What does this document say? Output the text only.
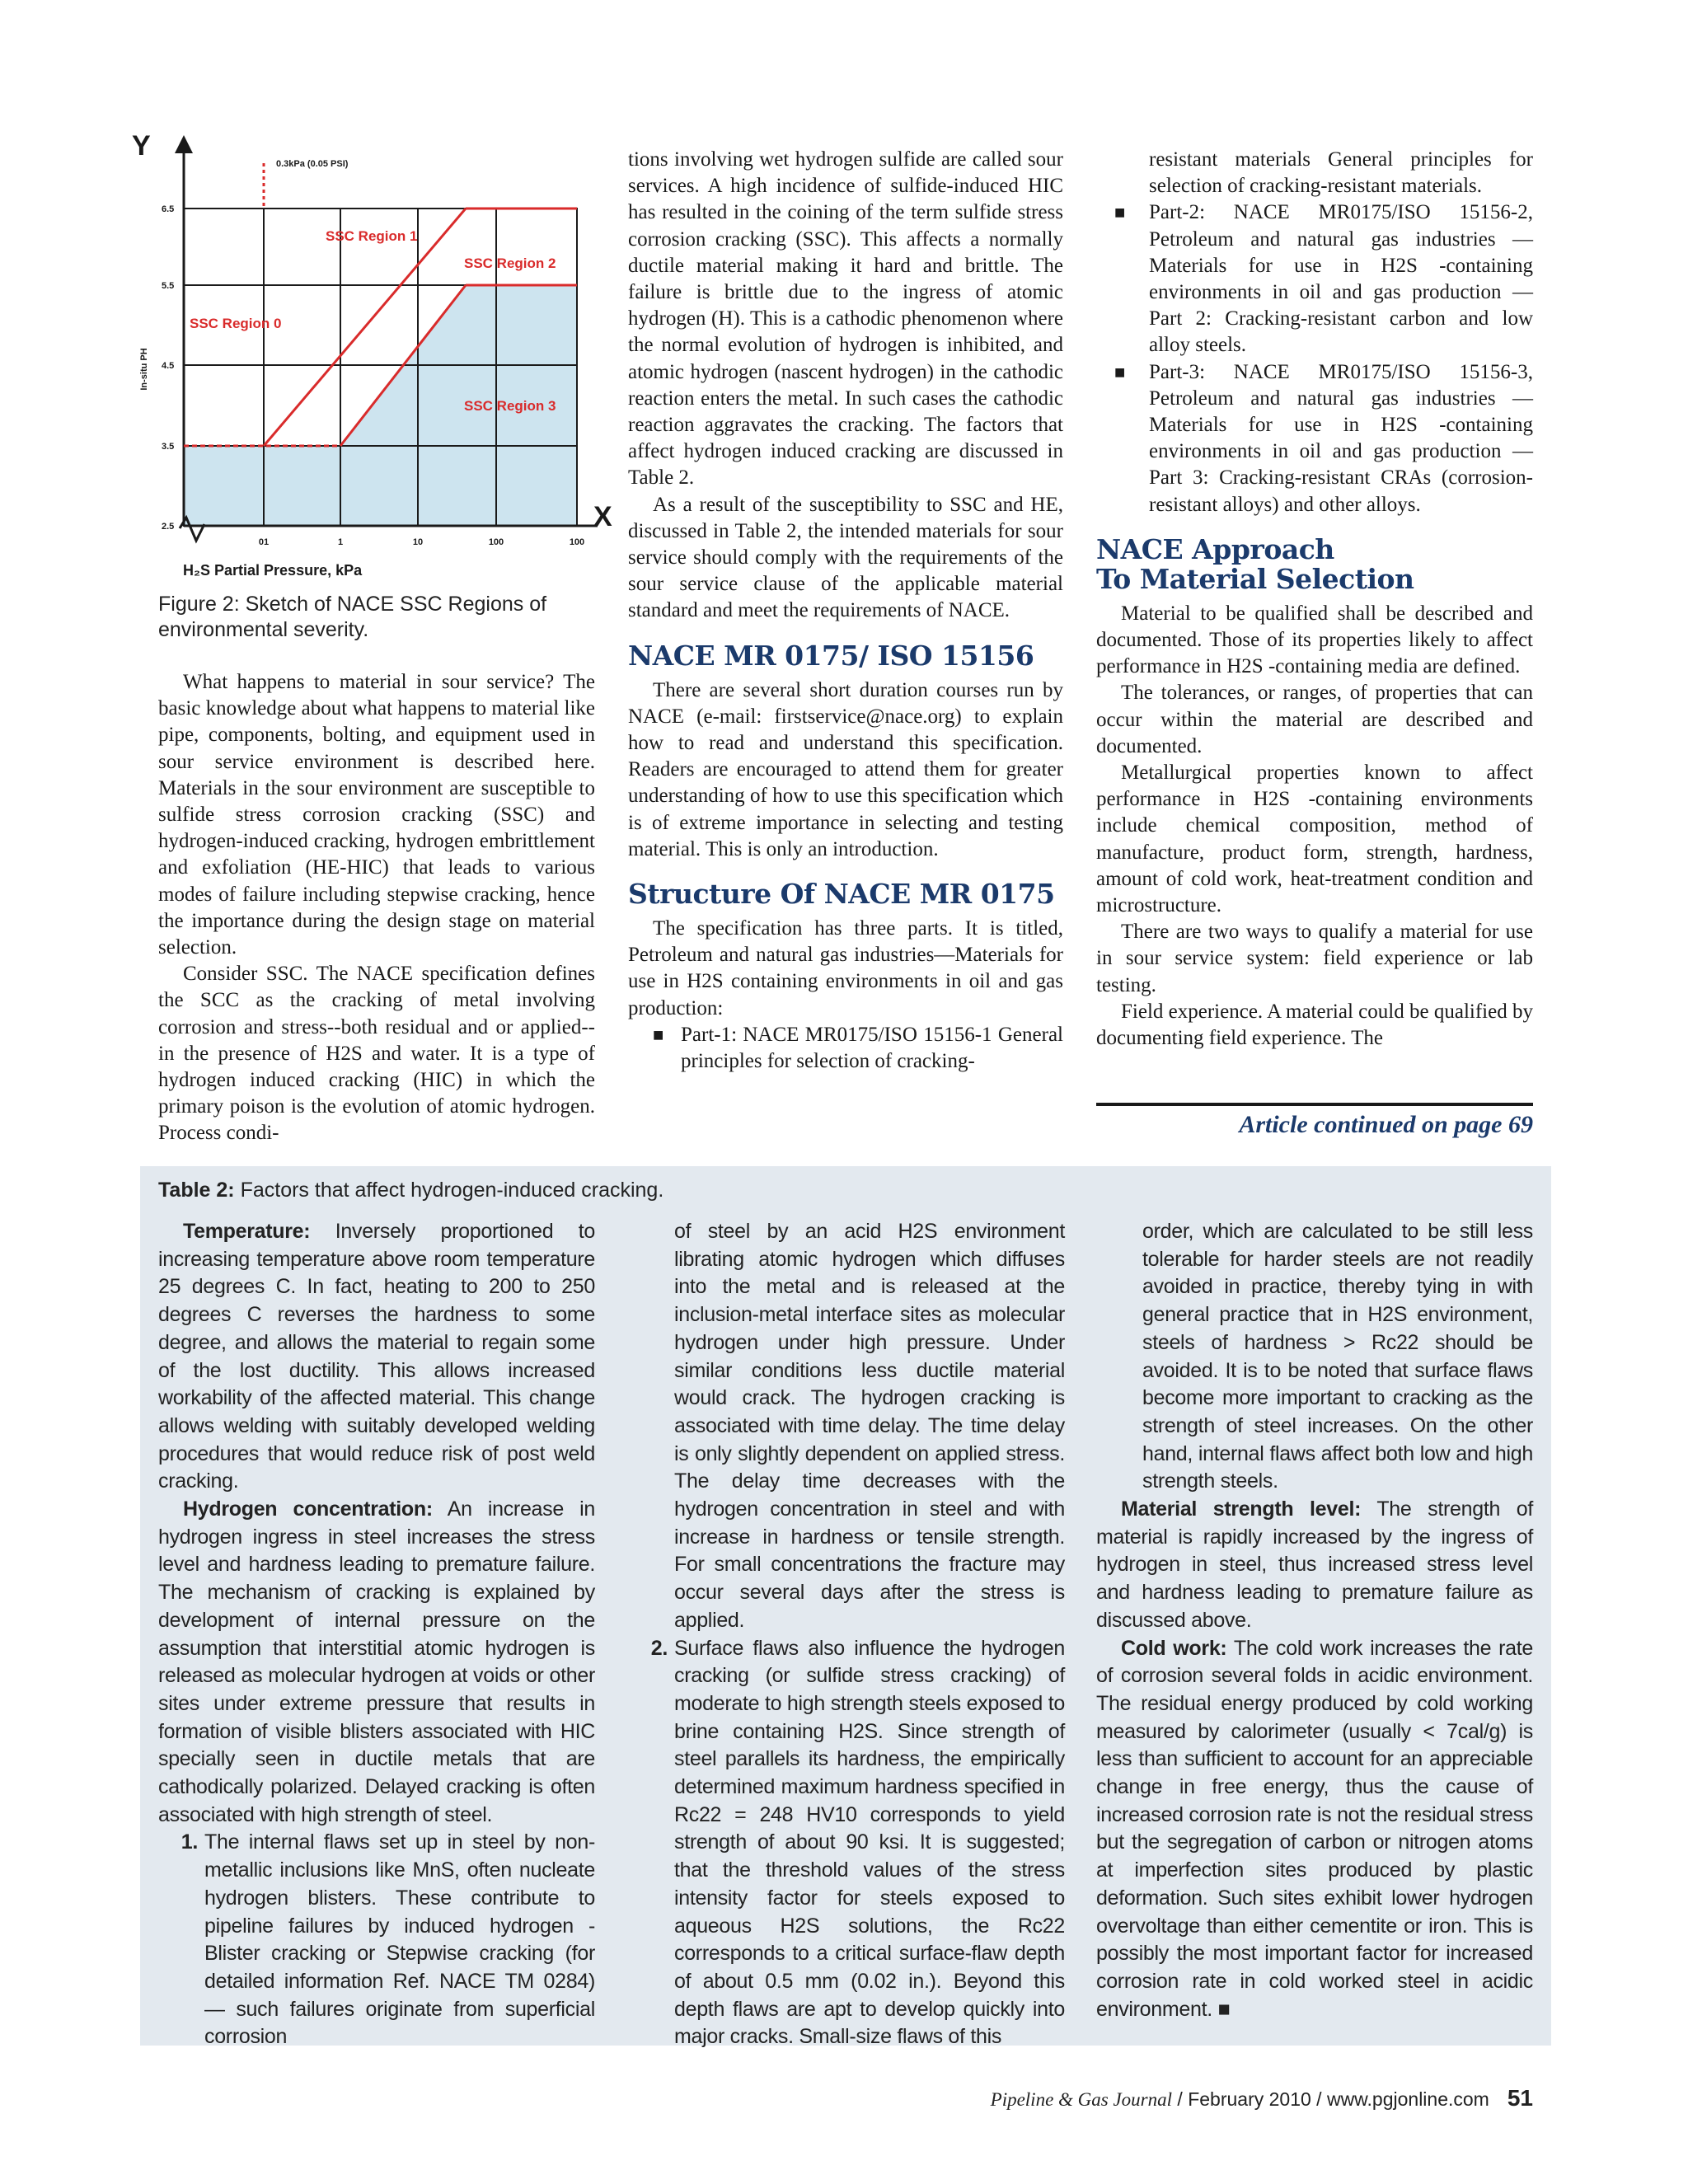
Y
X
0.3kPa (0.05 PSI)
6.5
5.5
4.5
3.5
2.5
01	1	10	100	100
In-situ PH
H₂S Partial Pressure, kPa
SSC Region 0
SSC Region 1
SSC Region 2
SSC Region 3
Figure 2: Sketch of NACE SSC Regions of environmental severity.

What happens to material in sour service? The basic knowledge about what happens to material like pipe, components, bolting, and equipment used in sour service environment is described here. Materials in the sour environment are susceptible to sulfide stress corrosion cracking (SSC) and hydrogen-induced cracking, hydrogen embrittlement and exfoliation (HE-HIC) that leads to various modes of failure including stepwise cracking, hence the importance during the design stage on material selection.

Consider SSC. The NACE specification defines the SCC as the cracking of metal involving corrosion and stress--both residual and or applied--in the presence of H2S and water. It is a type of hydrogen induced cracking (HIC) in which the primary poison is the evolution of atomic hydrogen. Process condi-

tions involving wet hydrogen sulfide are called sour services. A high incidence of sulfide-induced HIC has resulted in the coining of the term sulfide stress corrosion cracking (SSC). This affects a normally ductile material making it hard and brittle. The failure is brittle due to the ingress of atomic hydrogen (H). This is a cathodic phenomenon where the normal evolution of hydrogen is inhibited, and atomic hydrogen (nascent hydrogen) in the cathodic reaction enters the metal. In such cases the cathodic reaction aggravates the cracking. The factors that affect hydrogen induced cracking are discussed in Table 2.

As a result of the susceptibility to SSC and HE, discussed in Table 2, the intended materials for sour service should comply with the requirements of the sour service clause of the applicable material standard and meet the requirements of NACE.

NACE MR 0175/ ISO 15156

There are several short duration courses run by NACE (e-mail: firstservice@nace.org) to explain how to read and understand this specification. Readers are encouraged to attend them for greater understanding of how to use this specification which is of extreme importance in selecting and testing material. This is only an introduction.

Structure Of NACE MR 0175

The specification has three parts. It is titled, Petroleum and natural gas industries—Materials for use in H2S containing environments in oil and gas production:

■ Part-1: NACE MR0175/ISO 15156-1 General principles for selection of cracking-
resistant materials General principles for selection of cracking-resistant materials.
■	Part-2: NACE MR0175/ISO 15156-2, Petroleum and natural gas industries — Materials for use in H2S -containing environments in oil and gas production — Part 2: Cracking-resistant carbon and low alloy steels.
■	Part-3: NACE MR0175/ISO 15156-3, Petroleum and natural gas industries — Materials for use in H2S -containing environments in oil and gas production — Part 3: Cracking-resistant CRAs (corrosion-resistant alloys) and other alloys.
NACE Approach
To Material Selection

Material to be qualified shall be described and documented. Those of its properties likely to affect performance in H2S -containing media are defined.

The tolerances, or ranges, of properties that can occur within the material are described and documented.

Metallurgical properties known to affect performance in H2S -containing environments include chemical composition, method of manufacture, product form, strength, hardness, amount of cold work, heat-treatment condition and microstructure.

There are two ways to qualify a material for use in sour service system: field experience or lab testing.

Field experience. A material could be qualified by documenting field experience. The

Article continued on page 69
Table 2: Factors that affect hydrogen-induced cracking.

Temperature: Inversely proportioned to increasing temperature above room temperature 25 degrees C. In fact, heating to 200 to 250 degrees C reverses the hardness to some degree, and allows the material to regain some of the lost ductility. This allows increased workability of the affected material. This change allows welding with suitably developed welding procedures that would reduce risk of post weld cracking.

Hydrogen concentration: An increase in hydrogen ingress in steel increases the stress level and hardness leading to premature failure. The mechanism of cracking is explained by development of internal pressure on the assumption that interstitial atomic hydrogen is released as molecular hydrogen at voids or other sites under extreme pressure that results in formation of visible blisters associated with HIC specially seen in ductile metals that are cathodically polarized. Delayed cracking is often associated with high strength of steel.

1. The internal flaws set up in steel by non-metallic inclusions like MnS, often nucleate hydrogen blisters. These contribute to pipeline failures by induced hydrogen -Blister cracking or Stepwise cracking (for detailed information Ref. NACE TM 0284) — such failures originate from superficial corrosion
of steel by an acid H2S environment librating atomic hydrogen which diffuses into the metal and is released at the inclusion-metal interface sites as molecular hydrogen under high pressure. Under similar conditions less ductile material would crack. The hydrogen cracking is associated with time delay. The time delay is only slightly dependent on applied stress. The delay time decreases with the hydrogen concentration in steel and with increase in hardness or tensile strength. For small concentrations the fracture may occur several days after the stress is applied.
2. Surface flaws also influence the hydrogen cracking (or sulfide stress cracking) of moderate to high strength steels exposed to brine containing H2S. Since strength of steel parallels its hardness, the empirically determined maximum hardness specified in Rc22 = 248 HV10 corresponds to yield strength of about 90 ksi. It is suggested; that the threshold values of the stress intensity factor for steels exposed to aqueous H2S solutions, the Rc22 corresponds to a critical surface-flaw depth of about 0.5 mm (0.02 in.). Beyond this depth flaws are apt to develop quickly into major cracks. Small-size flaws of this
order, which are calculated to be still less tolerable for harder steels are not readily avoided in practice, thereby tying in with general practice that in H2S environment, steels of hardness > Rc22 should be avoided. It is to be noted that surface flaws become more important to cracking as the strength of steel increases. On the other hand, internal flaws affect both low and high strength steels.

Material strength level: The strength of material is rapidly increased by the ingress of hydrogen in steel, thus increased stress level and hardness leading to premature failure as discussed above.

Cold work: The cold work increases the rate of corrosion several folds in acidic environment. The residual energy produced by cold working measured by calorimeter (usually < 7cal/g) is less than sufficient to account for an appreciable change in free energy, thus the cause of increased corrosion rate is not the residual stress but the segregation of carbon or nitrogen atoms at imperfection sites produced by plastic deformation. Such sites exhibit lower hydrogen overvoltage than either cementite or iron. This is possibly the most important factor for increased corrosion rate in cold worked steel in acidic environment. ■

Pipeline & Gas Journal / February 2010 / www.pgjonline.com 51
